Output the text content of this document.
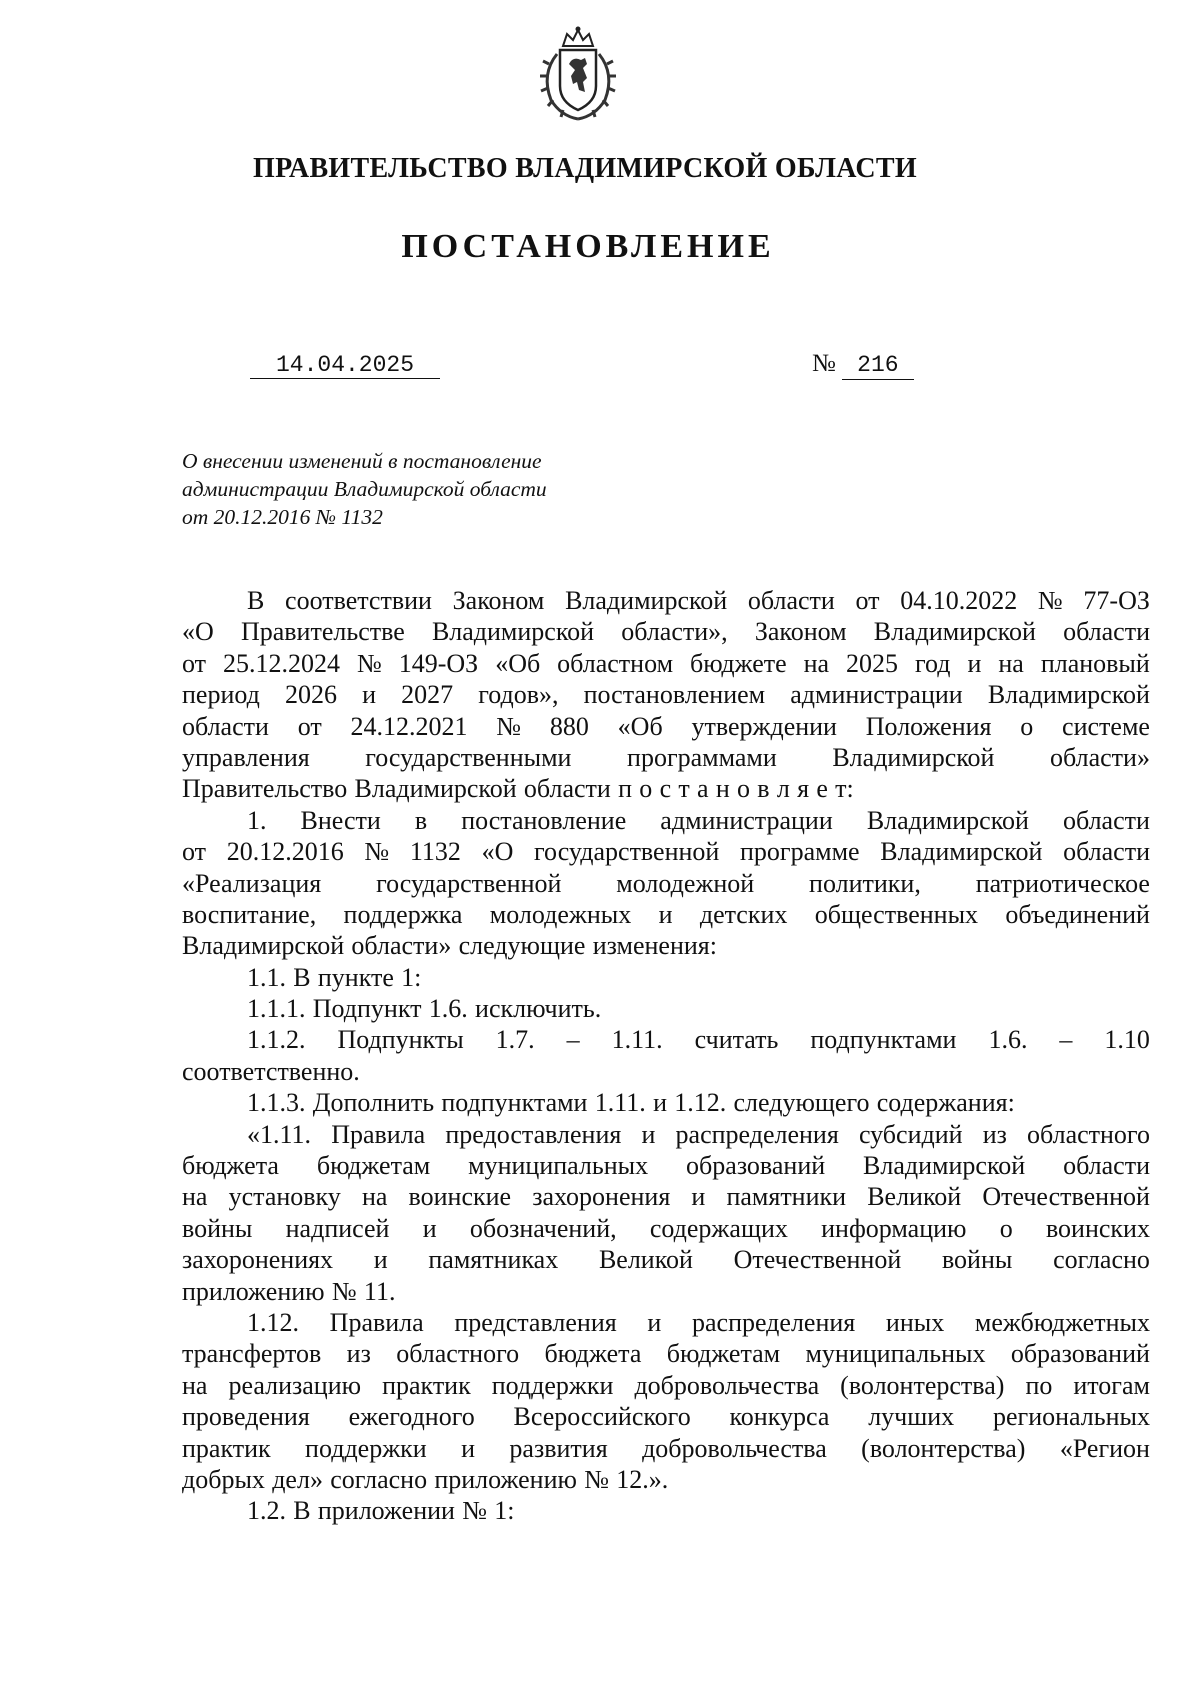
ПРАВИТЕЛЬСТВО ВЛАДИМИРСКОЙ ОБЛАСТИ
ПОСТАНОВЛЕНИЕ
14.04.2025	№ 216
О внесении изменений в постановление
администрации Владимирской области
от 20.12.2016 № 1132
В соответствии Законом Владимирской области от 04.10.2022 № 77-ОЗ
«О Правительстве Владимирской области», Законом Владимирской области
от 25.12.2024 № 149-ОЗ «Об областном бюджете на 2025 год и на плановый
период 2026 и 2027 годов», постановлением администрации Владимирской
области от 24.12.2021 № 880 «Об утверждении Положения о системе
управления государственными программами Владимирской области»
Правительство Владимирской области п о с т а н о в л я е т:
1. Внести в постановление администрации Владимирской области
от 20.12.2016 № 1132 «О государственной программе Владимирской области
«Реализация государственной молодежной политики, патриотическое
воспитание, поддержка молодежных и детских общественных объединений
Владимирской области» следующие изменения:
1.1. В пункте 1:
1.1.1. Подпункт 1.6. исключить.
1.1.2. Подпункты 1.7. – 1.11. считать подпунктами 1.6. – 1.10
соответственно.
1.1.3. Дополнить подпунктами 1.11. и 1.12. следующего содержания:
«1.11. Правила предоставления и распределения субсидий из областного
бюджета бюджетам муниципальных образований Владимирской области
на установку на воинские захоронения и памятники Великой Отечественной
войны надписей и обозначений, содержащих информацию о воинских
захоронениях и памятниках Великой Отечественной войны согласно
приложению № 11.
1.12. Правила представления и распределения иных межбюджетных
трансфертов из областного бюджета бюджетам муниципальных образований
на реализацию практик поддержки добровольчества (волонтерства) по итогам
проведения ежегодного Всероссийского конкурса лучших региональных
практик поддержки и развития добровольчества (волонтерства) «Регион
добрых дел» согласно приложению № 12.».
1.2. В приложении № 1:
